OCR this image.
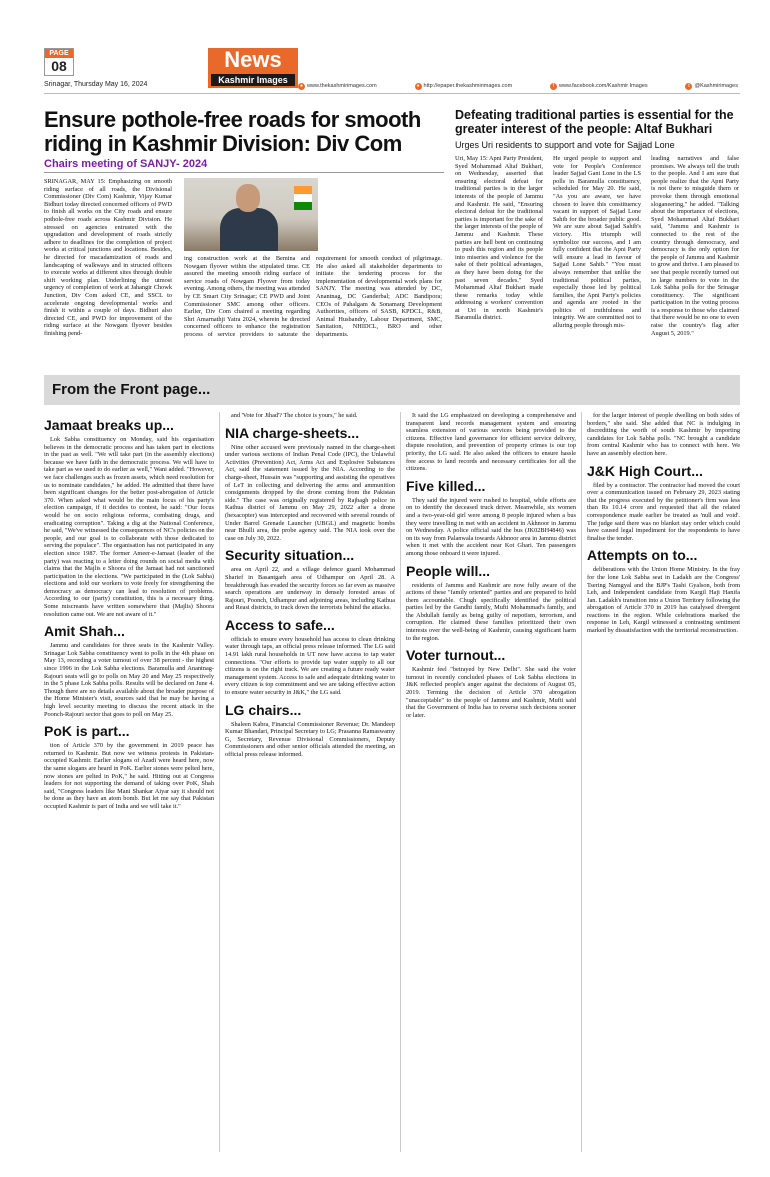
PAGE
08	News
Kashmir Images
Srinagar, Thursday May 16, 2024	● www.thekashmirimages.com	● http://epaper.thekashmirimages.com	f www.facebook.com/Kashmir Images	t @Kashmirimages
Ensure pothole-free roads for smooth riding in Kashmir Division: Div Com
Chairs meeting of SANJY- 2024
SRINAGAR, MAY 15: Emphasizing on smooth riding surface of all roads, the Divisional Commissioner (Div Com) Kashmir, Vijay Kumar Bidhuri today directed concerned officers of PWD to finish all works on the City roads and ensure pothole-free roads across Kashmir Division. He stressed on agencies entrusted with the upgradation and development of roads strictly adhere to deadlines for the completion of project works at critical junctions and locations. Besides, he directed for macadamization of roads and landscaping of walkways and in structed officers to execute works at different sites through double shift working plan. Underlining the utmost urgency of completion of work at Jahangir Chowk Junction, Div Com asked CE, and SSCL to accelerate ongoing developmental works and finish it within a couple of days. Bidhuri also directed CE, and PWD for improvement of the riding surface at the Nowgam flyover besides finishing pend-
ing construction work at the Bemina and Nowgam flyover within the stipulated time. CE assured the meeting smooth riding surface of service roads of Nowgam Flyover from today evening. Among others, the meeting was attended by CE Smart City Srinagar; CE PWD and Joint Commissioner SMC among other officers. Earlier, Div Com chaired a meeting regarding Shri Amarnathji Yatra 2024, wherein he directed concerned officers to enhance the registration process of service providers to saturate the requirement for smooth conduct of pilgrimage. He also asked all stakeholder departments to initiate the tendering process for the implementation of developmental work plans for SANJY. The meeting was attended by DC, Anantnag, DC Ganderbal; ADC Bandipora; CEOs of Pahalgam & Sonamarg Development Authorities, officers of SASB, KPDCL, R&B, Animal Husbandry, Labour Department, SMC, Sanitation, NHIDCL, BRO and other departments.
Defeating traditional parties is essential for the greater interest of the people: Altaf Bukhari
Urges Uri residents to support and vote for Sajjad Lone
Uri, May 15: Apni Party President, Syed Mohammad Altaf Bukhari, on Wednesday, asserted that ensuring electoral defeat for traditional parties is in the larger interests of the people of Jammu and Kashmir. He said, "Ensuring electoral defeat for the traditional parties is important for the sake of the larger interests of the people of Jammu and Kashmir. These parties are hell bent on continuing to push this region and its people into miseries and violence for the sake of their political advantages, as they have been doing for the past seven decades." Syed Mohammad Altaf Bukhari made these remarks today while addressing a workers' convention at Uri in north Kashmir's Baramulla district.
He urged people to support and vote for People's Conference leader Sajjad Gani Lone in the LS polls in Baramulla constituency, scheduled for May 20. He said, "As you are aware, we have chosen to leave this constituency vacant in support of Sajjad Lone Sahib for the broader public good. We are sure about Sajjad Sahib's victory. His triumph will symbolize our success, and I am fully confident that the Apni Party will ensure a lead in favour of Sajjad Lone Sahib." "You must always remember that unlike the traditional political parties, especially those led by political families, the Apni Party's policies and agenda are rooted in the politics of truthfulness and integrity. We are committed not to alluring people through mis-
leading narratives and false promises. We always tell the truth to the people. And I am sure that people realize that the Apni Party is not there to misguide them or provoke them through emotional sloganeering," he added. "Talking about the importance of elections, Syed Mohammad Altaf Bukhari said, "Jammu and Kashmir is connected to the rest of the country through democracy, and democracy is the only option for the people of Jammu and Kashmir to grow and thrive. I am pleased to see that people recently turned out in large numbers to vote in the Lok Sabha polls for the Srinagar constituency. The significant participation in the voting process is a response to those who claimed that there would be no one to even raise the country's flag after August 5, 2019."
From the Front page...
Jamaat breaks up...

Lok Sabha constituency on Monday, said his organisation believes in the democratic process and has taken part in elections in the past as well. "We will take part (in the assembly elections) because we have faith in the democratic process. We will have to take part as we used to do earlier as well," Wani added. "However, we face challenges such as frozen assets, which need resolution for us to nominate candidates," he added. He admitted that there have been significant changes for the better post-abrogation of Article 370. When asked what would be the main focus of his party's election campaign, if it decides to contest, he said: "Our focus would be on socio religious reforms, combating drugs, and eradicating corruption". Taking a dig at the National Conference, he said, "We've witnessed the consequences of NC's policies on the people, and our goal is to collaborate with those dedicated to serving the populace". The organisation has not participated in any election since 1987. The former Ameer-e-Jamaat (leader of the party) was reacting to a letter doing rounds on social media with claims that the Majlis e Shoora of the Jamaat had not sanctioned participation in the elections. "We participated in the (Lok Sabha) elections and told our workers to vote freely for strengthening the democracy as democracy can lead to resolution of problems. According to our (party) constitution, this is a necessary thing. Some miscreants have written somewhere that (Majlis) Shoora resolution came out. We are not aware of it."

Amit Shah...

Jammu and candidates for three seats in the Kashmir Valley. Srinagar Lok Sabha constituency went to polls in the 4th phase on May 13, recording a voter turnout of over 38 percent - the highest since 1996 in the Lok Sabha elections. Baramulla and Anantnag-Rajouri seats will go to polls on May 20 and May 25 respectively in the 5 phase Lok Sabha polls. Results will be declared on June 4. Though there are no details available about the broader purpose of the Home Minister's visit, sources said that he may be having a high level security meeting to discuss the recent attack in the Poonch-Rajouri sector that goes to poll on May 25.

PoK is part...

tion of Article 370 by the government in 2019 peace has returned to Kashmir. But now we witness protests in Pakistan-occupied Kashmir. Earlier slogans of Azadi were heard here, now the same slogans are heard in PoK. Earlier stones were pelted here, now stones are pelted in PoK," he said. Hitting out at Congress leaders for not supporting the demand of taking over PoK, Shah said, "Congress leaders like Mani Shankar Aiyar say it should not be done as they have an atom bomb. But let me say that Pakistan occupied Kashmir is part of India and we will take it."

and 'Vote for Jihad'? The choice is yours," he said.

NIA charge-sheets...

Nine other accused were previously named in the charge-sheet under various sections of Indian Penal Code (IPC), the Unlawful Activities (Prevention) Act, Arms Act and Explosive Substances Act, said the statement issued by the NIA. According to the charge-sheet, Hussain was "supporting and assisting the operatives of LeT in collecting and delivering the arms and ammunition consignments dropped by the drone coming from the Pakistan side." The case was originally registered by Rajbagh police in Kathua district of Jammu on May 29, 2022 after a drone (hexacopter) was intercepted and recovered with several rounds of Under Barrel Grenade Launcher (UBGL) and magnetic bombs near Bhulli area, the probe agency said. The NIA took over the case on July 30, 2022.

Security situation...

area on April 22, and a village defence guard Mohammad Sharief in Basantgarh area of Udhampur on April 28. A breakthrough has evaded the security forces so far even as massive search operations are underway in densely forested areas of Rajouri, Poonch, Udhampur and adjoining areas, including Kathua and Reasi districts, to track down the terrorists behind the attacks.

Access to safe...

officials to ensure every household has access to clean drinking water through taps, an official press release informed. The LG said 14.91 lakh rural households in UT now have access to tap water connections. "Our efforts to provide tap water supply to all our citizens is on the right track. We are creating a future ready water management system. Access to safe and adequate drinking water to every citizen is top commitment and we are taking effective action to ensure water security in J&K," the LG said.

LG chairs...

Shaleen Kabra, Financial Commissioner Revenue; Dr. Mandeep Kumar Bhandari, Principal Secretary to LG; Prasanna Ramaswamy G, Secretary, Revenue Divisional Commissioners, Deputy Commissioners and other senior officials attended the meeting, an official press release informed.

It said the LG emphasized on developing a comprehensive and transparent land records management system and ensuring seamless extension of various services being provided to the citizens. Effective land governance for efficient service delivery, dispute resolution, and prevention of property crimes is our top priority, the LG said. He also asked the officers to ensure hassle free access to land records and necessary certificates for all the citizens.

Five killed...

They said the injured were rushed to hospital, while efforts are on to identify the deceased truck driver. Meanwhile, six women and a two-year-old girl were among 8 people injured when a bus they were travelling in met with an accident in Akhnoor in Jammu on Wednesday. A police official said the bus (JK02BH4846) was on its way from Palanwala towards Akhnoor area in Jammu district when it met with the accident near Kot Ghari. Ten passengers among those onboard it were injured.

People will...

residents of Jammu and Kashmir are now fully aware of the actions of these "family oriented" parties and are prepared to hold them accountable. Chugh specifically identified the political parties led by the Gandhi family, Mufti Mohammad's family, and the Abdullah family as being guilty of nepotism, terrorism, and corruption. He claimed these families prioritized their own interests over the well-being of Kashmir, causing significant harm to the region.

Voter turnout...

Kashmir feel "betrayed by New Delhi". She said the voter turnout in recently concluded phases of Lok Sabha elections in J&K reflected people's anger against the decisions of August 05, 2019. Terming the decision of Article 370 abrogation "unacceptable" to the people of Jammu and Kashmir, Mufti said that the Government of India has to reverse such decisions sooner or later.

for the larger interest of people dwelling on both sides of borders," she said. She added that NC is indulging in discrediting the worth of south Kashmir by importing candidates for Lok Sabha polls. "NC brought a candidate from central Kashmir who has to connect with here. We have an assembly election here.

J&K High Court...

filed by a contractor. The contractor had moved the court over a communication issued on February 29, 2023 stating that the progress executed by the petitioner's firm was less than Rs 10.14 crore and requested that all the related correspondence made earlier be treated as 'null and void'. The judge said there was no blanket stay order which could have caused legal impediment for the respondents to have finalise the tender.

Attempts on to...

deliberations with the Union Home Ministry. In the fray for the lone Lok Sabha seat in Ladakh are the Congress' Tsering Namgyal and the BJP's Tashi Gyalson, both from Leh, and Independent candidate from Kargil Haji Hanifa Jan. Ladakh's transition into a Union Territory following the abrogation of Article 370 in 2019 has catalysed divergent reactions in the region. While celebrations marked the response in Leh, Kargil witnessed a contrasting sentiment marked by dissatisfaction with the territorial reconstruction.
